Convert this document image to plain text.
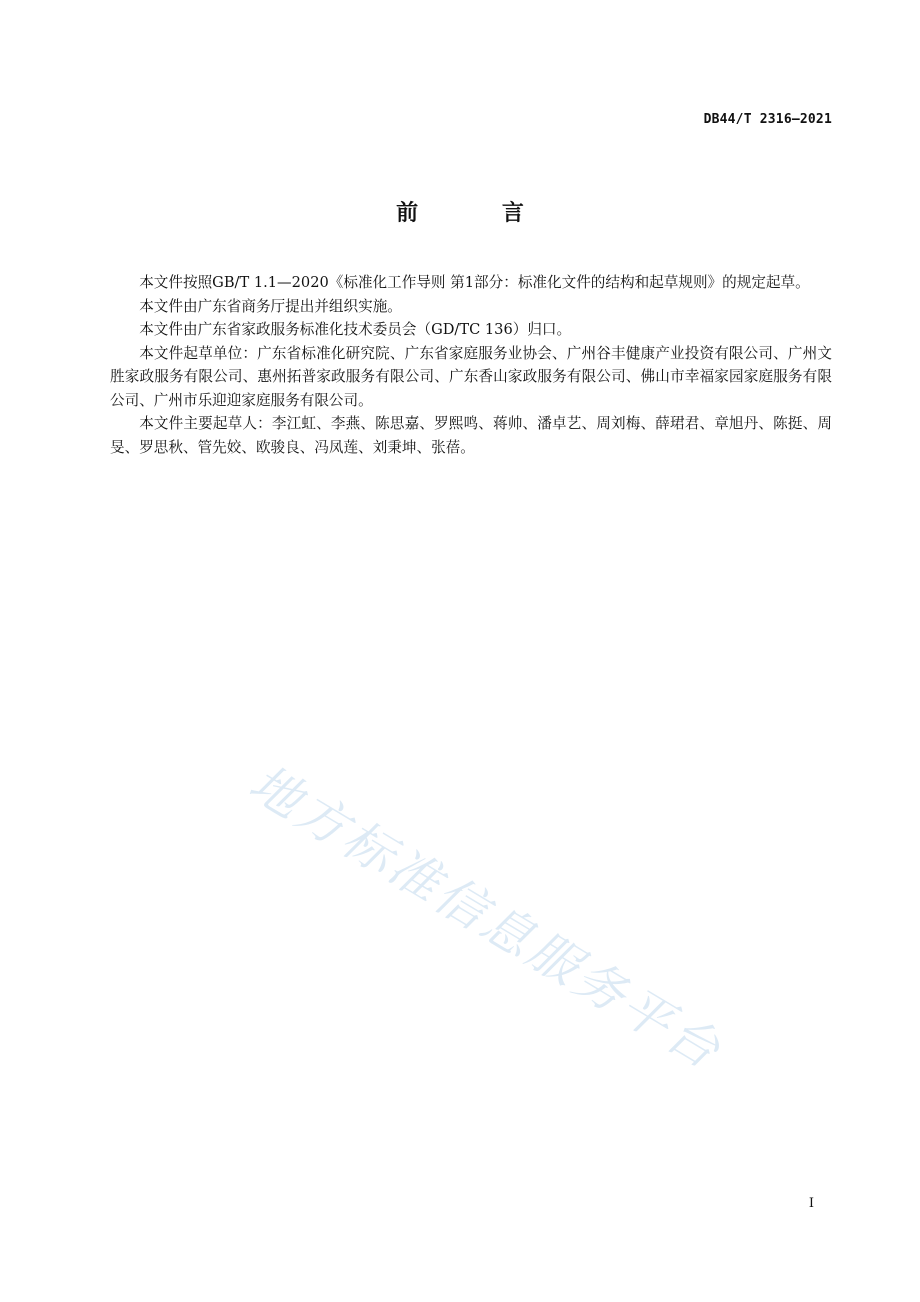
DB44/T 2316—2021
前 言

本文件按照GB/T 1.1—2020《标准化工作导则 第1部分：标准化文件的结构和起草规则》的规定起草。

本文件由广东省商务厅提出并组织实施。

本文件由广东省家政服务标准化技术委员会（GD/TC 136）归口。

本文件起草单位：广东省标准化研究院、广东省家庭服务业协会、广州谷丰健康产业投资有限公司、广州文胜家政服务有限公司、惠州拓普家政服务有限公司、广东香山家政服务有限公司、佛山市幸福家园家庭服务有限公司、广州市乐迎迎家庭服务有限公司。

本文件主要起草人：李江虹、李燕、陈思嘉、罗熙鸣、蒋帅、潘卓艺、周刘梅、薛珺君、章旭丹、陈挺、周旻、罗思秋、管先姣、欧骏良、冯凤莲、刘秉坤、张蓓。

地方标准信息服务平台
I
